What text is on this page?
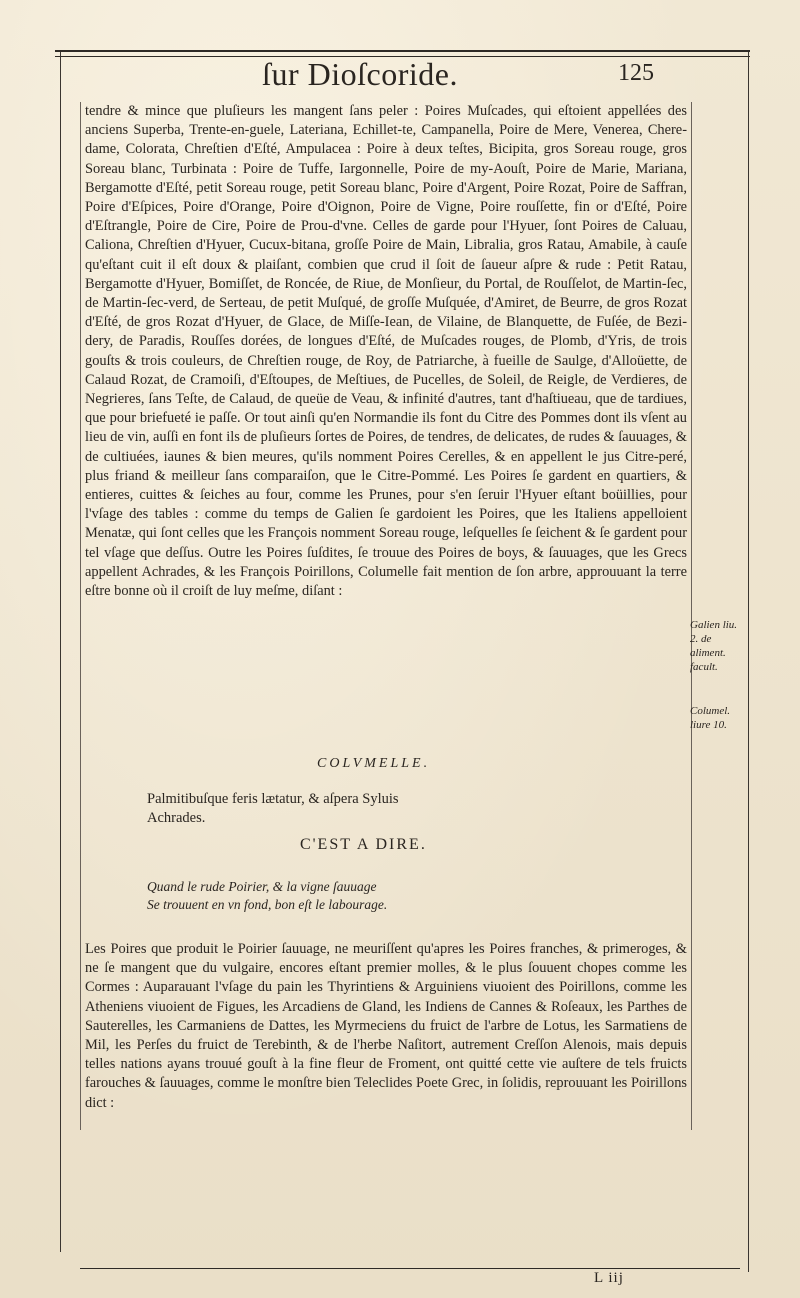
ſur Dioſcoride.	125

tendre & mince que pluſieurs les mangent ſans peler : Poires Muſcades, qui eſtoient appellées des anciens Superba, Trente-en-guele, Lateriana, Echillet-te, Campanella, Poire de Mere, Venerea, Chere-dame, Colorata, Chreſtien d'Eſté, Ampulacea : Poire à deux teſtes, Bicipita, gros Soreau rouge, gros Soreau blanc, Turbinata : Poire de Tuffe, Iargonnelle, Poire de my-Aouſt, Poire de Marie, Mariana, Bergamotte d'Eſté, petit Soreau rouge, petit Soreau blanc, Poire d'Argent, Poire Rozat, Poire de Saffran, Poire d'Eſpices, Poire d'Orange, Poire d'Oignon, Poire de Vigne, Poire rouſſette, fin or d'Eſté, Poire d'Eſtrangle, Poire de Cire, Poire de Prou-d'vne. Celles de garde pour l'Hyuer, ſont Poires de Caluau, Caliona, Chreſtien d'Hyuer, Cucux-bitana, groſſe Poire de Main, Libralia, gros Ratau, Amabile, à cauſe qu'eſtant cuit il eſt doux & plaiſant, combien que crud il ſoit de ſaueur aſpre & rude : Petit Ratau, Bergamotte d'Hyuer, Bomiſſet, de Roncée, de Riue, de Monſieur, du Portal, de Rouſſelot, de Martin-ſec, de Martin-ſec-verd, de Serteau, de petit Muſqué, de groſſe Muſquée, d'Amiret, de Beurre, de gros Rozat d'Eſté, de gros Rozat d'Hyuer, de Glace, de Miſſe-Iean, de Vilaine, de Blanquette, de Fuſée, de Bezi-dery, de Paradis, Rouſſes dorées, de longues d'Eſté, de Muſcades rouges, de Plomb, d'Yris, de trois gouſts & trois couleurs, de Chreſtien rouge, de Roy, de Patriarche, à fueille de Saulge, d'Alloüette, de Calaud Rozat, de Cramoiſi, d'Eſtoupes, de Meſtiues, de Pucelles, de Soleil, de Reigle, de Verdieres, de Negrieres, ſans Teſte, de Calaud, de queüe de Veau, & infinité d'autres, tant d'haſtiueau, que de tardiues, que pour briefueté ie paſſe. Or tout ainſi qu'en Normandie ils font du Citre des Pommes dont ils vſent au lieu de vin, auſſi en font ils de pluſieurs ſortes de Poires, de tendres, de delicates, de rudes & ſauuages, & de cultiuées, iaunes & bien meures, qu'ils nomment Poires Cerelles, & en appellent le jus Citre-peré, plus friand & meilleur ſans comparaiſon, que le Citre-Pommé. Les Poires ſe gardent en quartiers, & entieres, cuittes & ſeiches au four, comme les Prunes, pour s'en ſeruir l'Hyuer eſtant boüillies, pour l'vſage des tables : comme du temps de Galien ſe gardoient les Poires, que les Italiens appelloient Menatæ, qui ſont celles que les François nomment Soreau rouge, leſquelles ſe ſeichent & ſe gardent pour tel vſage que deſſus. Outre les Poires ſuſdites, ſe trouue des Poires de boys, & ſauuages, que les Grecs appellent Achrades, & les François Poirillons, Columelle fait mention de ſon arbre, approuuant la terre eſtre bonne où il croiſt de luy meſme, diſant :

COLVMELLE.
Palmitibuſque feris lætatur, & aſpera Syluis
Achrades.
C'EST A DIRE.
Quand le rude Poirier, & la vigne ſauuage
Se trouuent en vn fond, bon eſt le labourage.

Les Poires que produit le Poirier ſauuage, ne meuriſſent qu'apres les Poires franches, & primeroges, & ne ſe mangent que du vulgaire, encores eſtant premier molles, & le plus ſouuent chopes comme les Cormes : Auparauant l'vſage du pain les Thyrintiens & Arguiniens viuoient des Poirillons, comme les Atheniens viuoient de Figues, les Arcadiens de Gland, les Indiens de Cannes & Roſeaux, les Parthes de Sauterelles, les Carmaniens de Dattes, les Myrmeciens du fruict de l'arbre de Lotus, les Sarmatiens de Mil, les Perſes du fruict de Terebinth, & de l'herbe Naſitort, autrement Creſſon Alenois, mais depuis telles nations ayans trouué gouſt à la fine fleur de Froment, ont quitté cette vie auſtere de tels fruicts farouches & ſauuages, comme le monſtre bien Teleclides Poete Grec, in ſolidis, reprouuant les Poirillons dict :

Galien liu. 2. de aliment. facult.
Columel. liure 10.
L iij
